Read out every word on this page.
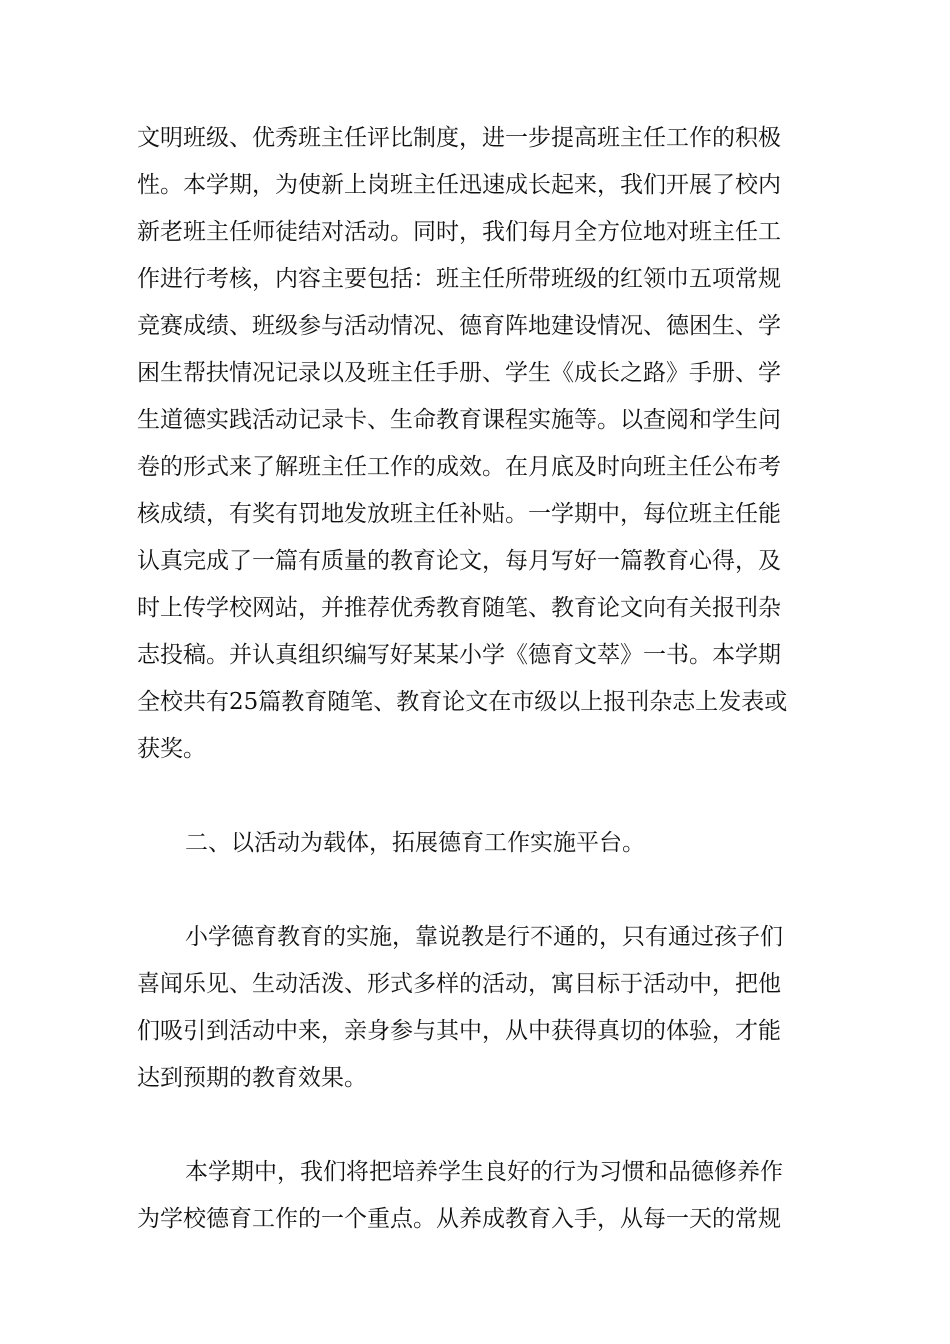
文明班级、优秀班主任评比制度，进一步提高班主任工作的积极
性。本学期，为使新上岗班主任迅速成长起来，我们开展了校内
新老班主任师徒结对活动。同时，我们每月全方位地对班主任工
作进行考核，内容主要包括：班主任所带班级的红领巾五项常规
竞赛成绩、班级参与活动情况、德育阵地建设情况、德困生、学
困生帮扶情况记录以及班主任手册、学生《成长之路》手册、学
生道德实践活动记录卡、生命教育课程实施等。以查阅和学生问
卷的形式来了解班主任工作的成效。在月底及时向班主任公布考
核成绩，有奖有罚地发放班主任补贴。一学期中，每位班主任能
认真完成了一篇有质量的教育论文，每月写好一篇教育心得，及
时上传学校网站，并推荐优秀教育随笔、教育论文向有关报刊杂
志投稿。并认真组织编写好某某小学《德育文萃》一书。本学期
全校共有25篇教育随笔、教育论文在市级以上报刊杂志上发表或
获奖。
二、以活动为载体，拓展德育工作实施平台。
小学德育教育的实施，靠说教是行不通的，只有通过孩子们
喜闻乐见、生动活泼、形式多样的活动，寓目标于活动中，把他
们吸引到活动中来，亲身参与其中，从中获得真切的体验，才能
达到预期的教育效果。
本学期中，我们将把培养学生良好的行为习惯和品德修养作
为学校德育工作的一个重点。从养成教育入手，从每一天的常规
